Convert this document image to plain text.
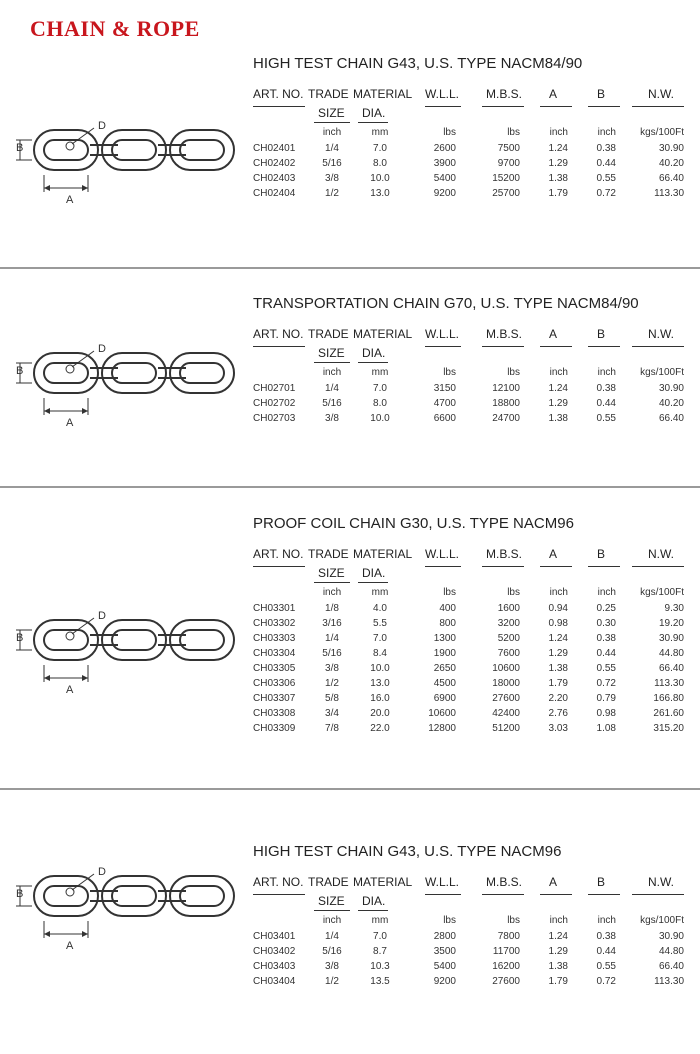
CHAIN & ROPE
HIGH TEST CHAIN G43, U.S. TYPE NACM84/90
ART. NO. TRADE MATERIAL W.L.L. M.B.S. A	B	N.W.
SIZE DIA.
inch	mm	lbs	lbs	inch	inch	kgs/100Ft
CH02401	1/4	7.0	2600	7500	1.24	0.38	30.90
CH02402	5/16	8.0	3900	9700	1.29	0.44	40.20
CH02403	3/8	10.0	5400	15200	1.38	0.55	66.40
CH02404	1/2	13.0	9200	25700	1.79	0.72	113.30
A
B
D
TRANSPORTATION CHAIN G70, U.S. TYPE NACM84/90
ART. NO. TRADE MATERIAL W.L.L. M.B.S. A	B	N.W.
SIZE DIA.
inch	mm	lbs	lbs	inch	inch	kgs/100Ft
CH02701	1/4	7.0	3150	12100	1.24	0.38	30.90
CH02702	5/16	8.0	4700	18800	1.29	0.44	40.20
CH02703	3/8	10.0	6600	24700	1.38	0.55	66.40
A
B
D
PROOF COIL CHAIN G30, U.S. TYPE NACM96
ART. NO. TRADE MATERIAL W.L.L. M.B.S. A	B	N.W.
SIZE DIA.
inch	mm	lbs	lbs	inch	inch	kgs/100Ft
CH03301	1/8	4.0	400	1600	0.94	0.25	9.30
CH03302	3/16	5.5	800	3200	0.98	0.30	19.20
CH03303	1/4	7.0	1300	5200	1.24	0.38	30.90
CH03304	5/16	8.4	1900	7600	1.29	0.44	44.80
CH03305	3/8	10.0	2650	10600	1.38	0.55	66.40
CH03306	1/2	13.0	4500	18000	1.79	0.72	113.30
CH03307	5/8	16.0	6900	27600	2.20	0.79	166.80
CH03308	3/4	20.0	10600	42400	2.76	0.98	261.60
CH03309	7/8	22.0	12800	51200	3.03	1.08	315.20
A
B
D
HIGH TEST CHAIN G43, U.S. TYPE NACM96
ART. NO. TRADE MATERIAL W.L.L. M.B.S. A	B	N.W.
SIZE DIA.
inch	mm	lbs	lbs	inch	inch	kgs/100Ft
CH03401	1/4	7.0	2800	7800	1.24	0.38	30.90
CH03402	5/16	8.7	3500	11700	1.29	0.44	44.80
CH03403	3/8	10.3	5400	16200	1.38	0.55	66.40
CH03404	1/2	13.5	9200	27600	1.79	0.72	113.30
A
B
D
